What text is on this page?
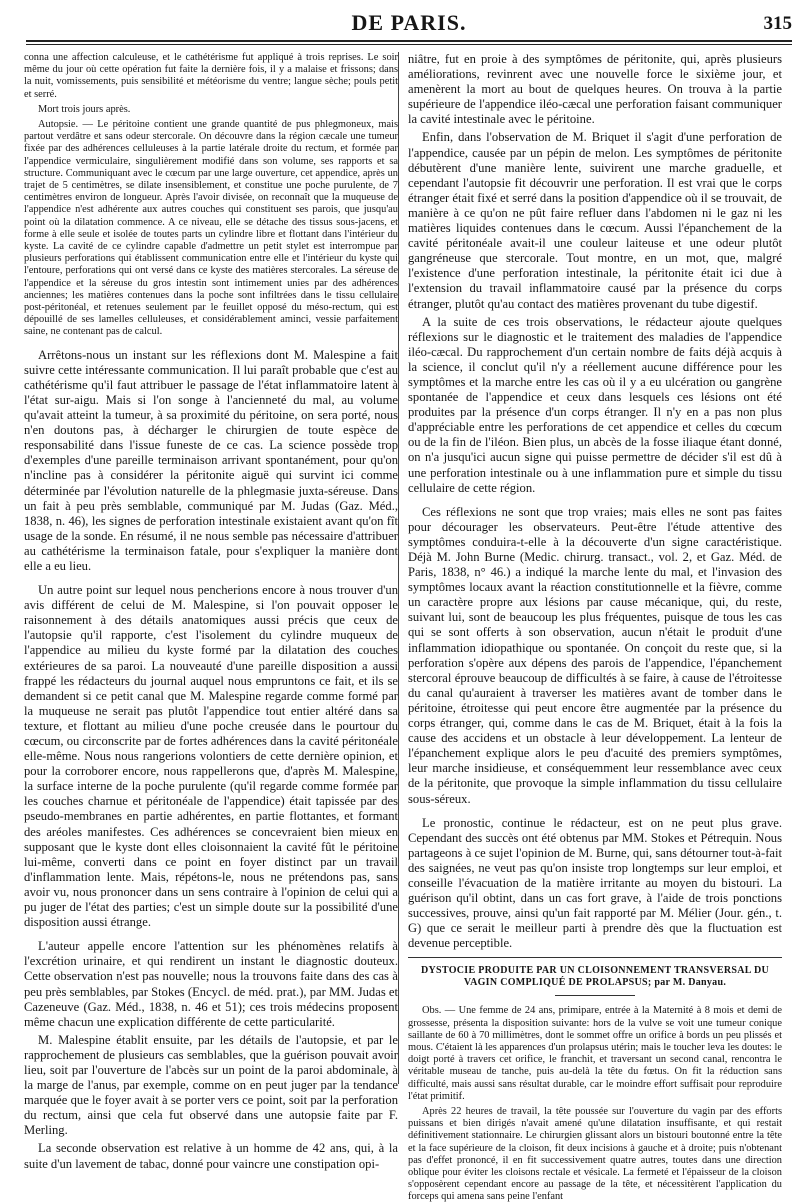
DE PARIS.	315

conna une affection calculeuse, et le cathétérisme fut appliqué à trois reprises. Le soir même du jour où cette opération fut faite la dernière fois, il y a malaise et frissons; dans la nuit, vomissements, puis sensibilité et météorisme du ventre; langue sèche; pouls petit et serré.

Mort trois jours après.

Autopsie. — Le péritoine contient une grande quantité de pus phlegmoneux, mais partout verdâtre et sans odeur stercorale. On découvre dans la région cæcale une tumeur fixée par des adhérences celluleuses à la partie latérale droite du rectum, et formée par l'appendice vermiculaire, singulièrement modifié dans son volume, ses rapports et sa structure. Communiquant avec le cœcum par une large ouverture, cet appendice, après un trajet de 5 centimètres, se dilate insensiblement, et constitue une poche purulente, de 7 centimètres environ de longueur. Après l'avoir divisée, on reconnaît que la muqueuse de l'appendice n'est adhérente aux autres couches qui constituent ses parois, que jusqu'au point où la dilatation commence. A ce niveau, elle se détache des tissus sous-jacens, et forme à elle seule et isolée de toutes parts un cylindre libre et flottant dans l'intérieur du kyste. La cavité de ce cylindre capable d'admettre un petit stylet est interrompue par plusieurs perforations qui établissent communication entre elle et l'intérieur du kyste qui l'entoure, perforations qui ont versé dans ce kyste des matières stercorales. La séreuse de l'appendice et la séreuse du gros intestin sont intimement unies par des adhérences anciennes; les matières contenues dans la poche sont infiltrées dans le tissu cellulaire post-péritonéal, et retenues seulement par le feuillet opposé du méso-rectum, qui est dépouillé de ses lamelles celluleuses, et considérablement aminci, vessie parfaitement saine, ne contenant pas de calcul.

Arrêtons-nous un instant sur les réflexions dont M. Malespine a fait suivre cette intéressante communication. Il lui paraît probable que c'est au cathétérisme qu'il faut attribuer le passage de l'état inflammatoire latent à l'état sur-aigu. Mais si l'on songe à l'ancienneté du mal, au volume qu'avait atteint la tumeur, à sa proximité du péritoine, on sera porté, nous n'en doutons pas, à décharger le chirurgien de toute espèce de responsabilité dans l'issue funeste de ce cas. La science possède trop d'exemples d'une pareille terminaison arrivant spontanément, pour qu'on n'incline pas à considérer la péritonite aiguë qui survint ici comme déterminée par l'évolution naturelle de la phlegmasie juxta-séreuse. Dans un fait à peu près semblable, communiqué par M. Judas (Gaz. Méd., 1838, n. 46), les signes de perforation intestinale existaient avant qu'on fît usage de la sonde. En résumé, il ne nous semble pas nécessaire d'attribuer au cathétérisme la terminaison fatale, pour s'expliquer la manière dont elle a eu lieu.

Un autre point sur lequel nous pencherions encore à nous trouver d'un avis différent de celui de M. Malespine, si l'on pouvait opposer le raisonnement à des détails anatomiques aussi précis que ceux de l'autopsie qu'il rapporte, c'est l'isolement du cylindre muqueux de l'appendice au milieu du kyste formé par la dilatation des couches extérieures de sa paroi. La nouveauté d'une pareille disposition a aussi frappé les rédacteurs du journal auquel nous empruntons ce fait, et ils se demandent si ce petit canal que M. Malespine regarde comme formé par la muqueuse ne serait pas plutôt l'appendice tout entier altéré dans sa texture, et flottant au milieu d'une poche creusée dans le pourtour du cœcum, ou circonscrite par de fortes adhérences dans la cavité péritonéale elle-même. Nous nous rangerions volontiers de cette dernière opinion, et pour la corroborer encore, nous rappellerons que, d'après M. Malespine, la surface interne de la poche purulente (qu'il regarde comme formée par les couches charnue et péritonéale de l'appendice) était tapissée par des pseudo-membranes en partie adhérentes, en partie flottantes, et formant des aréoles manifestes. Ces adhérences se concevraient bien mieux en supposant que le kyste dont elles cloisonnaient la cavité fût le péritoine lui-même, converti dans ce point en foyer distinct par un travail d'inflammation lente. Mais, répétons-le, nous ne prétendons pas, sans avoir vu, nous prononcer dans un sens contraire à l'opinion de celui qui a pu juger de l'état des parties; c'est un simple doute sur la possibilité d'une disposition aussi étrange.

L'auteur appelle encore l'attention sur les phénomènes relatifs à l'excrétion urinaire, et qui rendirent un instant le diagnostic douteux. Cette observation n'est pas nouvelle; nous la trouvons faite dans des cas à peu près semblables, par Stokes (Encycl. de méd. prat.), par MM. Judas et Cazeneuve (Gaz. Méd., 1838, n. 46 et 51); ces trois médecins proposent même chacun une explication différente de cette particularité.

M. Malespine établit ensuite, par les détails de l'autopsie, et par le rapprochement de plusieurs cas semblables, que la guérison pouvait avoir lieu, soit par l'ouverture de l'abcès sur un point de la paroi abdominale, à la marge de l'anus, par exemple, comme on en peut juger par la tendance marquée que le foyer avait à se porter vers ce point, soit par la perforation du rectum, ainsi que cela fut observé dans une autopsie faite par F. Merling.

La seconde observation est relative à un homme de 42 ans, qui, à la suite d'un lavement de tabac, donné pour vaincre une constipation opi-

niâtre, fut en proie à des symptômes de péritonite, qui, après plusieurs améliorations, revinrent avec une nouvelle force le sixième jour, et amenèrent la mort au bout de quelques heures. On trouva à la partie supérieure de l'appendice iléo-cæcal une perforation faisant communiquer la cavité intestinale avec le péritoine.

Enfin, dans l'observation de M. Briquet il s'agit d'une perforation de l'appendice, causée par un pépin de melon. Les symptômes de péritonite débutèrent d'une manière lente, suivirent une marche graduelle, et cependant l'autopsie fit découvrir une perforation. Il est vrai que le corps étranger était fixé et serré dans la position d'appendice où il se trouvait, de manière à ce qu'on ne pût faire refluer dans l'abdomen ni le gaz ni les matières liquides contenues dans le cœcum. Aussi l'épanchement de la cavité péritonéale avait-il une couleur laiteuse et une odeur plutôt gangréneuse que stercorale. Tout montre, en un mot, que, malgré l'existence d'une perforation intestinale, la péritonite était ici due à l'extension du travail inflammatoire causé par la présence du corps étranger, plutôt qu'au contact des matières provenant du tube digestif.

A la suite de ces trois observations, le rédacteur ajoute quelques réflexions sur le diagnostic et le traitement des maladies de l'appendice iléo-cæcal. Du rapprochement d'un certain nombre de faits déjà acquis à la science, il conclut qu'il n'y a réellement aucune différence pour les symptômes et la marche entre les cas où il y a eu ulcération ou gangrène spontanée de l'appendice et ceux dans lesquels ces lésions ont été produites par la présence d'un corps étranger. Il n'y en a pas non plus d'appréciable entre les perforations de cet appendice et celles du cœcum ou de la fin de l'iléon. Bien plus, un abcès de la fosse iliaque étant donné, on n'a jusqu'ici aucun signe qui puisse permettre de décider s'il est dû à une perforation intestinale ou à une inflammation pure et simple du tissu cellulaire de cette région.

Ces réflexions ne sont que trop vraies; mais elles ne sont pas faites pour décourager les observateurs. Peut-être l'étude attentive des symptômes conduira-t-elle à la découverte d'un signe caractéristique. Déjà M. John Burne (Medic. chirurg. transact., vol. 2, et Gaz. Méd. de Paris, 1838, n° 46.) a indiqué la marche lente du mal, et l'invasion des symptômes locaux avant la réaction constitutionnelle et la fièvre, comme un caractère propre aux lésions par cause mécanique, qui, du reste, suivant lui, sont de beaucoup les plus fréquentes, puisque de tous les cas qui se sont offerts à son observation, aucun n'était le produit d'une inflammation idiopathique ou spontanée. On conçoit du reste que, si la perforation s'opère aux dépens des parois de l'appendice, l'épanchement stercoral éprouve beaucoup de difficultés à se faire, à cause de l'étroitesse du canal qu'auraient à traverser les matières avant de tomber dans le péritoine, étroitesse qui peut encore être augmentée par la présence du corps étranger, qui, comme dans le cas de M. Briquet, était à la fois la cause des accidens et un obstacle à leur développement. La lenteur de l'épanchement explique alors le peu d'acuité des premiers symptômes, leur marche insidieuse, et conséquemment leur ressemblance avec ceux de la péritonite, que provoque la simple inflammation du tissu cellulaire sous-séreux.

Le pronostic, continue le rédacteur, est on ne peut plus grave. Cependant des succès ont été obtenus par MM. Stokes et Pétrequin. Nous partageons à ce sujet l'opinion de M. Burne, qui, sans détourner tout-à-fait des saignées, ne veut pas qu'on insiste trop longtemps sur leur emploi, et conseille l'évacuation de la matière irritante au moyen du bistouri. La guérison qu'il obtint, dans un cas fort grave, à l'aide de trois ponctions successives, prouve, ainsi qu'un fait rapporté par M. Mélier (Jour. gén., t. G) que ce serait le meilleur parti à prendre dès que la fluctuation est devenue perceptible.

DYSTOCIE PRODUITE PAR UN CLOISONNEMENT TRANSVERSAL DU VAGIN COMPLIQUÉ DE PROLAPSUS; par M. Danyau.

Obs. — Une femme de 24 ans, primipare, entrée à la Maternité à 8 mois et demi de grossesse, présenta la disposition suivante: hors de la vulve se voit une tumeur conique saillante de 60 à 70 millimètres, dont le sommet offre un orifice à bords un peu plissés et mous. C'étaient là les apparences d'un prolapsus utérin; mais le toucher leva les doutes: le doigt porté à travers cet orifice, le franchit, et traversant un second canal, rencontra le véritable museau de tanche, puis au-delà la tête du fœtus. On fit la réduction sans difficulté, mais aussi sans résultat durable, car le moindre effort suffisait pour reproduire l'état primitif.

Après 22 heures de travail, la tête poussée sur l'ouverture du vagin par des efforts puissans et bien dirigés n'avait amené qu'une dilatation insuffisante, et qui restait définitivement stationnaire. Le chirurgien glissant alors un bistouri boutonné entre la tête et la face supérieure de la cloison, fit deux incisions à gauche et à droite; puis n'obtenant pas d'effet prononcé, il en fit successivement quatre autres, toutes dans une direction oblique pour éviter les cloisons rectale et vésicale. La fermeté et l'épaisseur de la cloison s'opposèrent cependant encore au passage de la tête, et nécessitèrent l'application du forceps qui amena sans peine l'enfant
